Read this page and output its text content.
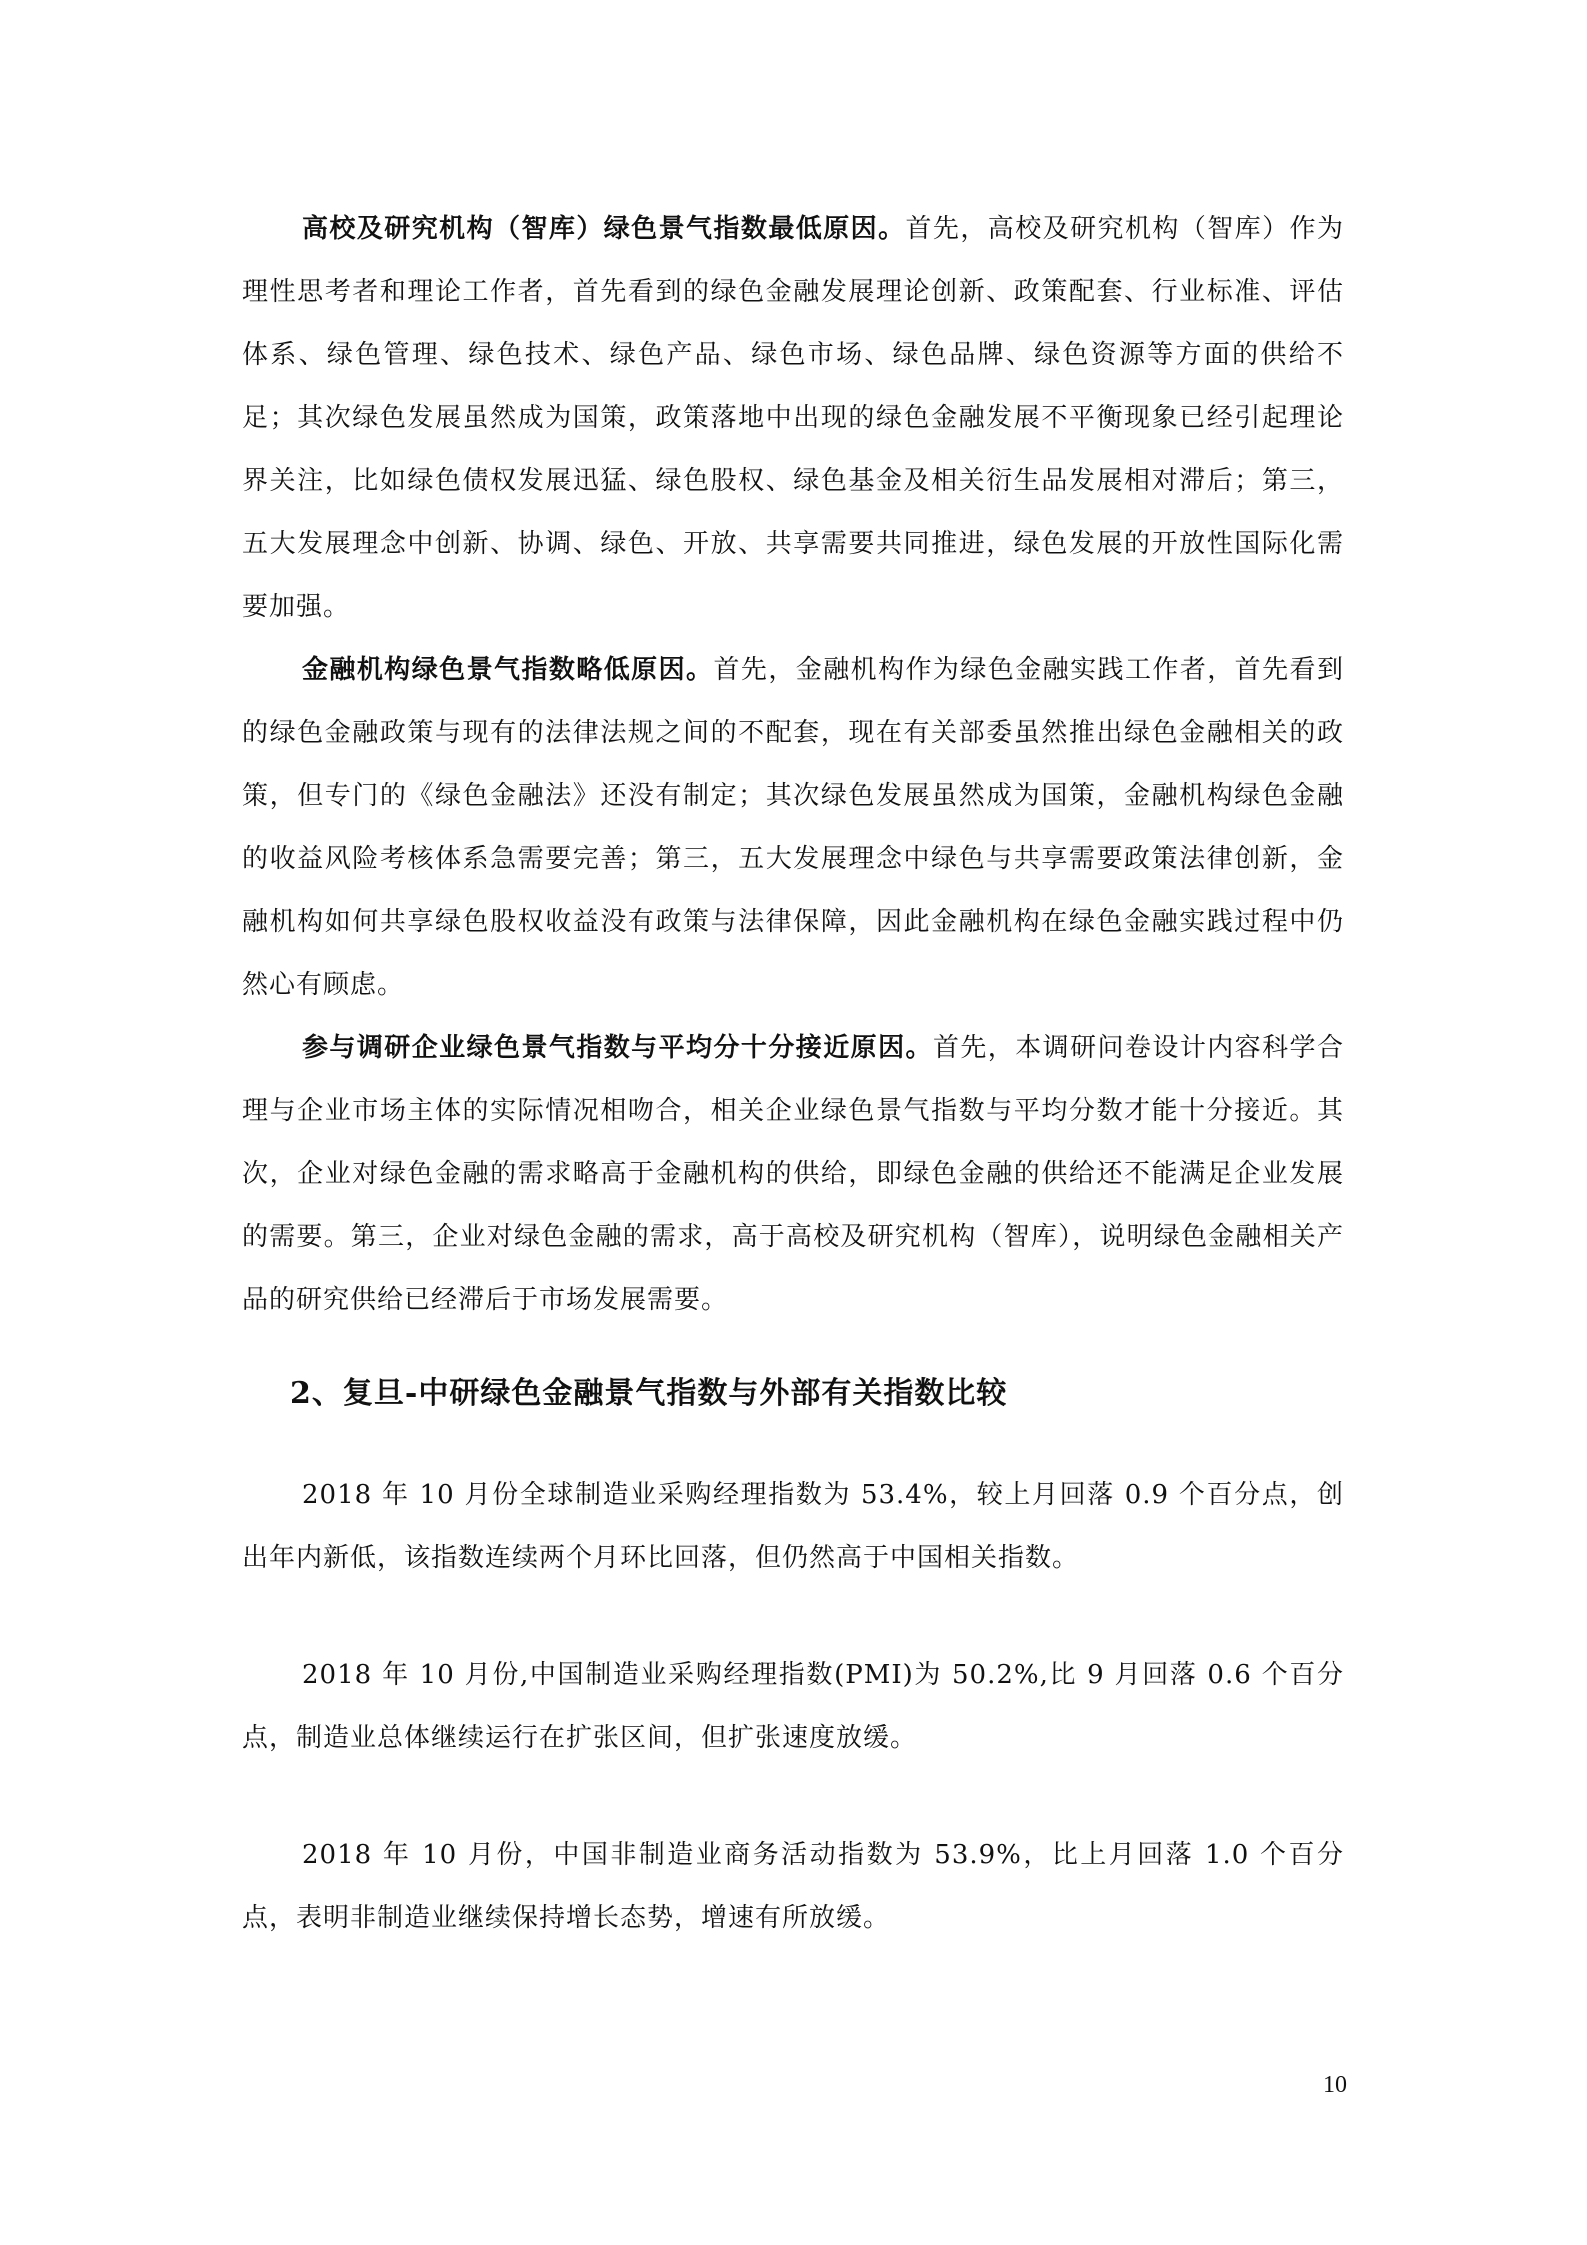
高校及研究机构（智库）绿色景气指数最低原因。首先，高校及研究机构（智库）作为理性思考者和理论工作者，首先看到的绿色金融发展理论创新、政策配套、行业标准、评估体系、绿色管理、绿色技术、绿色产品、绿色市场、绿色品牌、绿色资源等方面的供给不足；其次绿色发展虽然成为国策，政策落地中出现的绿色金融发展不平衡现象已经引起理论界关注，比如绿色债权发展迅猛、绿色股权、绿色基金及相关衍生品发展相对滞后；第三，五大发展理念中创新、协调、绿色、开放、共享需要共同推进，绿色发展的开放性国际化需要加强。

金融机构绿色景气指数略低原因。首先，金融机构作为绿色金融实践工作者，首先看到的绿色金融政策与现有的法律法规之间的不配套，现在有关部委虽然推出绿色金融相关的政策，但专门的《绿色金融法》还没有制定；其次绿色发展虽然成为国策，金融机构绿色金融的收益风险考核体系急需要完善；第三，五大发展理念中绿色与共享需要政策法律创新，金融机构如何共享绿色股权收益没有政策与法律保障，因此金融机构在绿色金融实践过程中仍然心有顾虑。

参与调研企业绿色景气指数与平均分十分接近原因。首先，本调研问卷设计内容科学合理与企业市场主体的实际情况相吻合，相关企业绿色景气指数与平均分数才能十分接近。其次，企业对绿色金融的需求略高于金融机构的供给，即绿色金融的供给还不能满足企业发展的需要。第三，企业对绿色金融的需求，高于高校及研究机构（智库），说明绿色金融相关产品的研究供给已经滞后于市场发展需要。

2、复旦-中研绿色金融景气指数与外部有关指数比较

2018 年 10 月份全球制造业采购经理指数为 53.4%，较上月回落 0.9 个百分点，创出年内新低，该指数连续两个月环比回落，但仍然高于中国相关指数。

2018 年 10 月份,中国制造业采购经理指数(PMI)为 50.2%,比 9 月回落 0.6 个百分点，制造业总体继续运行在扩张区间，但扩张速度放缓。

2018 年 10 月份，中国非制造业商务活动指数为 53.9%，比上月回落 1.0 个百分点，表明非制造业继续保持增长态势，增速有所放缓。

10
